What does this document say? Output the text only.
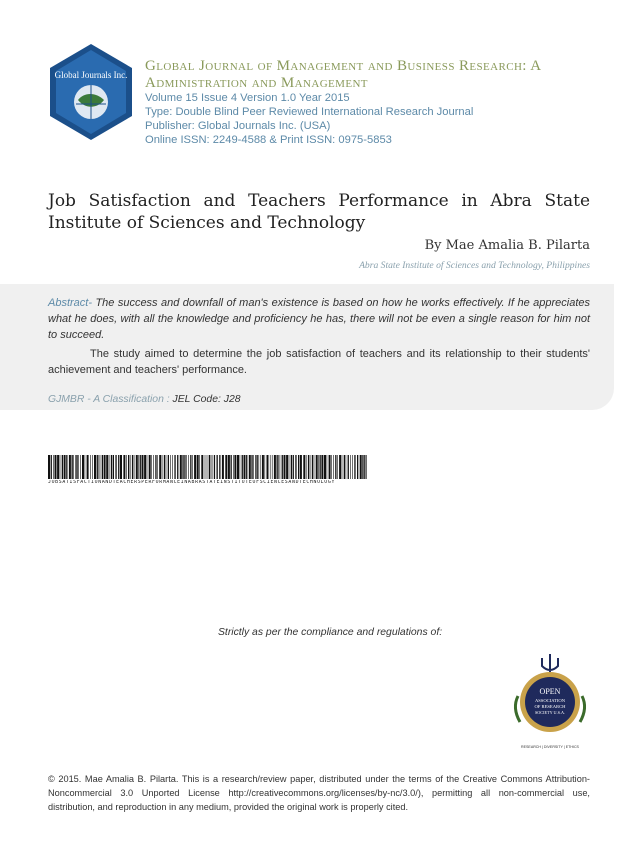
Global Journals Inc.
Global Journal of Management and Business Research: A
Administration and Management
Volume 15 Issue 4 Version 1.0 Year 2015
Type: Double Blind Peer Reviewed International Research Journal
Publisher: Global Journals Inc. (USA)
Online ISSN: 2249-4588 & Print ISSN: 0975-5853
Job Satisfaction and Teachers Performance in Abra State
Institute of Sciences and Technology
By Mae Amalia B. Pilarta
Abra State Institute of Sciences and Technology, Philippines
Abstract- The success and downfall of man's existence is based on how he works effectively. If he appreciates what he does, with all the knowledge and proficiency he has, there will not be even a single reason for him not to succeed.
The study aimed to determine the job satisfaction of teachers and its relationship to their students' achievement and teachers' performance.
GJMBR - A Classification : JEL Code: J28
JOBSATISFACTIONANDTEACHERSPERFORMANCEINABRASTATEINSTITUTEOFSCIENCESANDTECHNOLOGY
Strictly as per the compliance and regulations of:
OPEN
ASSOCIATION
OF RESEARCH
SOCIETY U.S.A.
RESEARCH | DIVERSITY | ETHICS
© 2015. Mae Amalia B. Pilarta. This is a research/review paper, distributed under the terms of the Creative Commons Attribution-Noncommercial 3.0 Unported License http://creativecommons.org/licenses/by-nc/3.0/), permitting all non-commercial use, distribution, and reproduction in any medium, provided the original work is properly cited.
